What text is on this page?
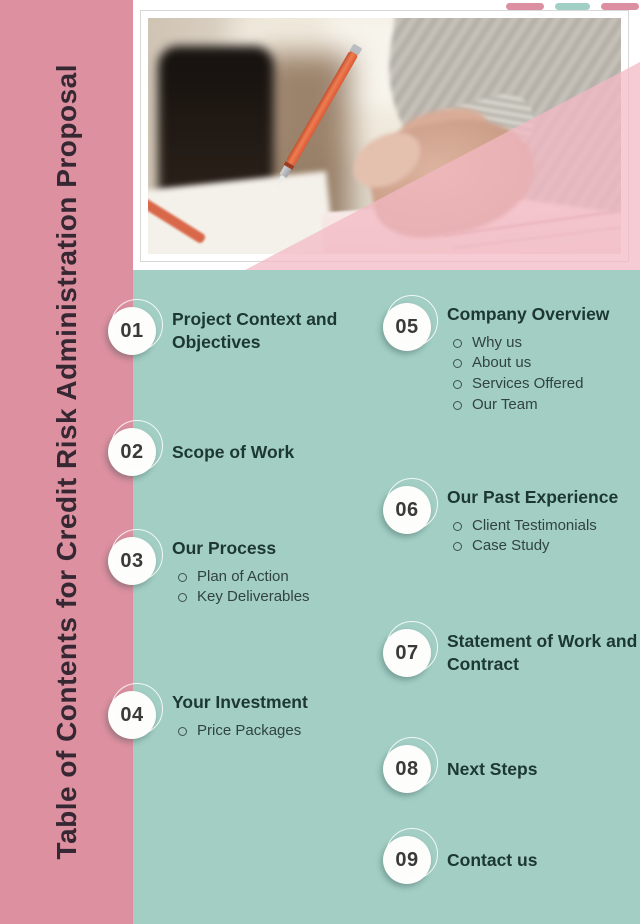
Table of Contents for Credit Risk Administration Proposal 01
Project Context and Objectives
02 Scope of Work
03
Our Process
Plan of Action
Key Deliverables
04
Your Investment
Price Packages
05
Company Overview
Why us
About us
Services Offered
Our Team
06
Our Past Experience
Client Testimonials
Case Study
07
Statement of Work and Contract
08 Next Steps
09 Contact us
